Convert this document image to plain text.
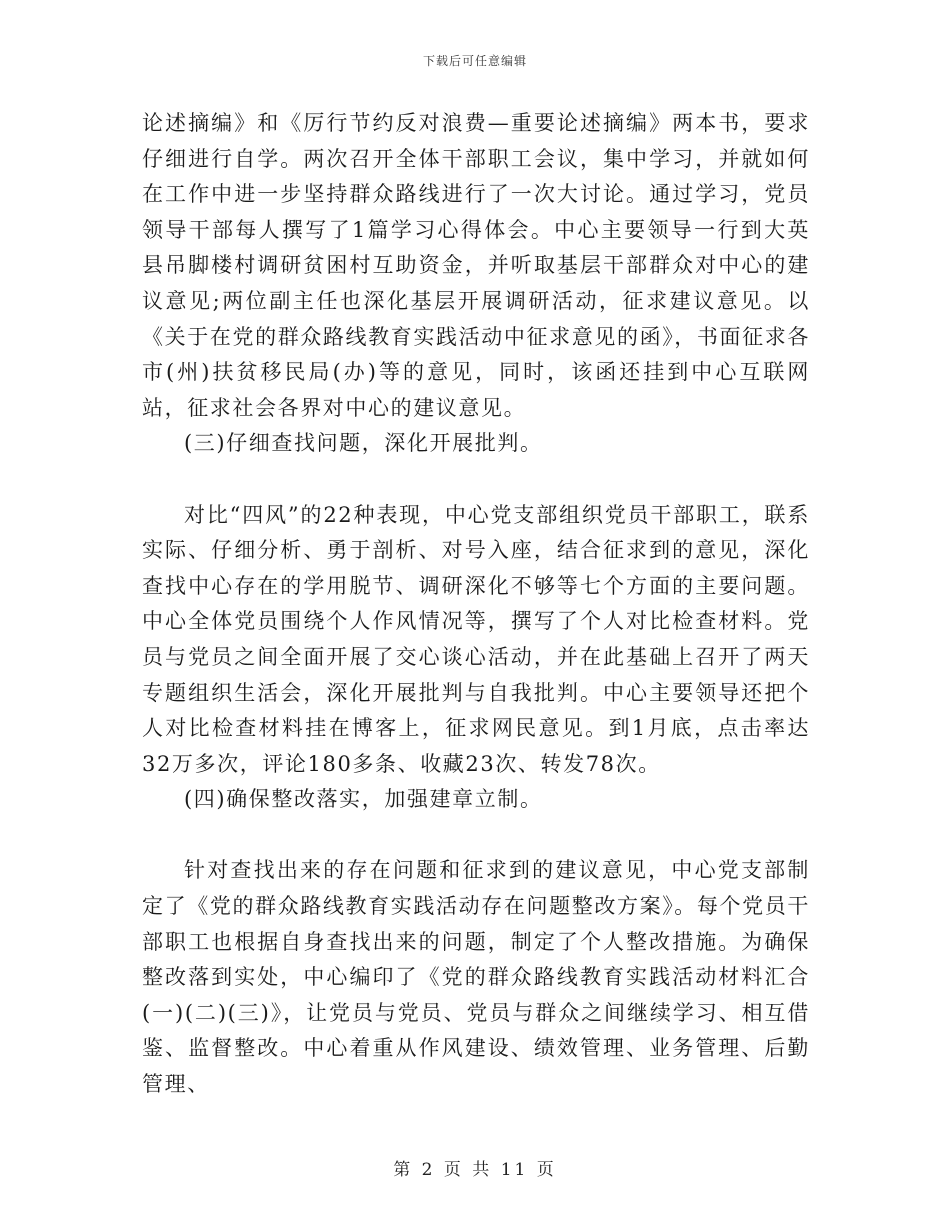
下载后可任意编辑

论述摘编》和《厉行节约反对浪费—重要论述摘编》两本书，要求仔细进行自学。两次召开全体干部职工会议，集中学习，并就如何在工作中进一步坚持群众路线进行了一次大讨论。通过学习，党员领导干部每人撰写了1篇学习心得体会。中心主要领导一行到大英县吊脚楼村调研贫困村互助资金，并听取基层干部群众对中心的建议意见;两位副主任也深化基层开展调研活动，征求建议意见。以《关于在党的群众路线教育实践活动中征求意见的函》，书面征求各市(州)扶贫移民局(办)等的意见，同时，该函还挂到中心互联网站，征求社会各界对中心的建议意见。

(三)仔细查找问题，深化开展批判。

对比“四风”的22种表现，中心党支部组织党员干部职工，联系实际、仔细分析、勇于剖析、对号入座，结合征求到的意见，深化查找中心存在的学用脱节、调研深化不够等七个方面的主要问题。中心全体党员围绕个人作风情况等，撰写了个人对比检查材料。党员与党员之间全面开展了交心谈心活动，并在此基础上召开了两天专题组织生活会，深化开展批判与自我批判。中心主要领导还把个人对比检查材料挂在博客上，征求网民意见。到1月底，点击率达32万多次，评论180多条、收藏23次、转发78次。

(四)确保整改落实，加强建章立制。

针对查找出来的存在问题和征求到的建议意见，中心党支部制定了《党的群众路线教育实践活动存在问题整改方案》。每个党员干部职工也根据自身查找出来的问题，制定了个人整改措施。为确保整改落到实处，中心编印了《党的群众路线教育实践活动材料汇合(一)(二)(三)》，让党员与党员、党员与群众之间继续学习、相互借鉴、监督整改。中心着重从作风建设、绩效管理、业务管理、后勤管理、

第 2 页 共 11 页
